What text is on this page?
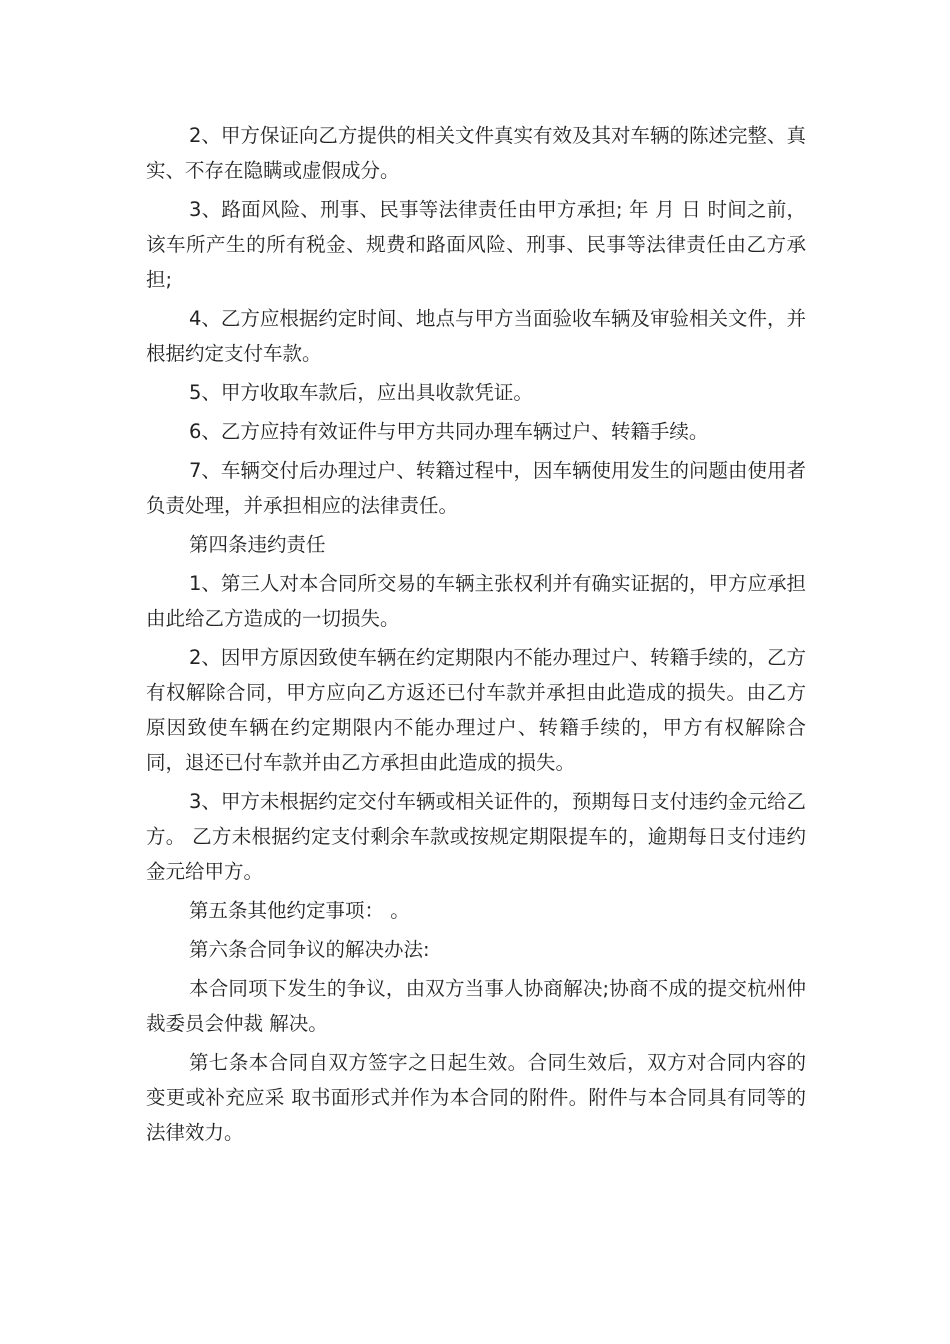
2、甲方保证向乙方提供的相关文件真实有效及其对车辆的陈述完整、真实、不存在隐瞒或虚假成分。

3、路面风险、刑事、民事等法律责任由甲方承担; 年 月 日 时间之前，该车所产生的所有税金、规费和路面风险、刑事、民事等法律责任由乙方承担;

4、乙方应根据约定时间、地点与甲方当面验收车辆及审验相关文件，并根据约定支付车款。

5、甲方收取车款后，应出具收款凭证。

6、乙方应持有效证件与甲方共同办理车辆过户、转籍手续。

7、车辆交付后办理过户、转籍过程中，因车辆使用发生的问题由使用者负责处理，并承担相应的法律责任。

第四条违约责任

1、第三人对本合同所交易的车辆主张权利并有确实证据的，甲方应承担由此给乙方造成的一切损失。

2、因甲方原因致使车辆在约定期限内不能办理过户、转籍手续的，乙方有权解除合同，甲方应向乙方返还已付车款并承担由此造成的损失。由乙方原因致使车辆在约定期限内不能办理过户、转籍手续的，甲方有权解除合同，退还已付车款并由乙方承担由此造成的损失。

3、甲方未根据约定交付车辆或相关证件的，预期每日支付违约金元给乙方。 乙方未根据约定支付剩余车款或按规定期限提车的，逾期每日支付违约金元给甲方。

第五条其他约定事项： 。

第六条合同争议的解决办法:

本合同项下发生的争议，由双方当事人协商解决;协商不成的提交杭州仲裁委员会仲裁 解决。

第七条本合同自双方签字之日起生效。合同生效后，双方对合同内容的变更或补充应采 取书面形式并作为本合同的附件。附件与本合同具有同等的法律效力。
